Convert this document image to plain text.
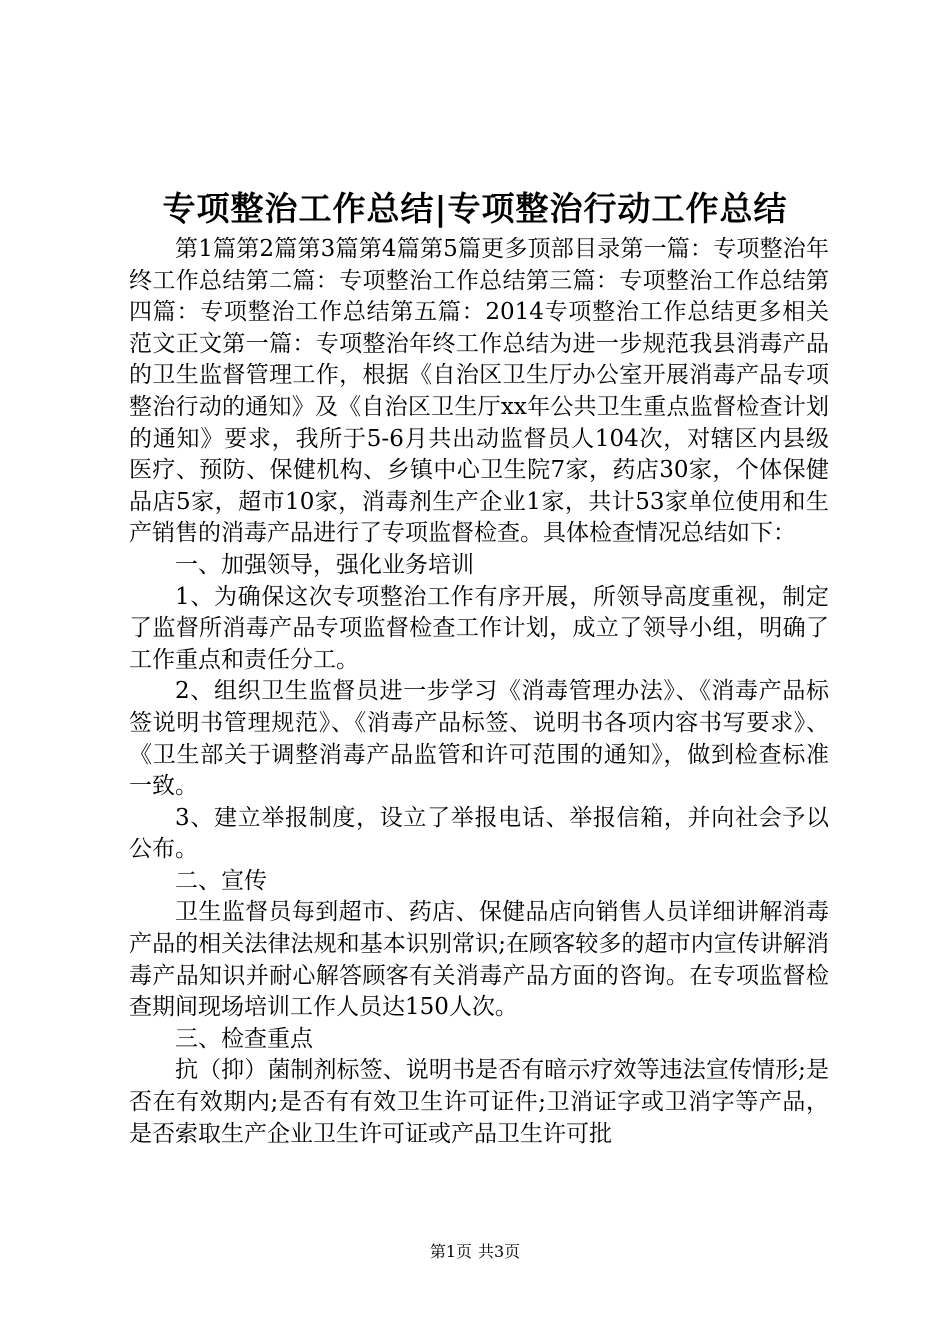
专项整治工作总结|专项整治行动工作总结

第1篇第2篇第3篇第4篇第5篇更多顶部目录第一篇：专项整治年终工作总结第二篇：专项整治工作总结第三篇：专项整治工作总结第四篇：专项整治工作总结第五篇：2014专项整治工作总结更多相关范文正文第一篇：专项整治年终工作总结为进一步规范我县消毒产品的卫生监督管理工作，根据《自治区卫生厅办公室开展消毒产品专项整治行动的通知》及《自治区卫生厅xx年公共卫生重点监督检查计划的通知》要求，我所于5-6月共出动监督员人104次，对辖区内县级医疗、预防、保健机构、乡镇中心卫生院7家，药店30家，个体保健品店5家，超市10家，消毒剂生产企业1家，共计53家单位使用和生产销售的消毒产品进行了专项监督检查。具体检查情况总结如下：

一、加强领导，强化业务培训

1、为确保这次专项整治工作有序开展，所领导高度重视，制定了监督所消毒产品专项监督检查工作计划，成立了领导小组，明确了工作重点和责任分工。

2、组织卫生监督员进一步学习《消毒管理办法》、《消毒产品标签说明书管理规范》、《消毒产品标签、说明书各项内容书写要求》、《卫生部关于调整消毒产品监管和许可范围的通知》，做到检查标准一致。

3、建立举报制度，设立了举报电话、举报信箱，并向社会予以公布。

二、宣传

卫生监督员每到超市、药店、保健品店向销售人员详细讲解消毒产品的相关法律法规和基本识别常识;在顾客较多的超市内宣传讲解消毒产品知识并耐心解答顾客有关消毒产品方面的咨询。在专项监督检查期间现场培训工作人员达150人次。

三、检查重点

抗（抑）菌制剂标签、说明书是否有暗示疗效等违法宣传情形;是否在有效期内;是否有有效卫生许可证件;卫消证字或卫消字等产品，是否索取生产企业卫生许可证或产品卫生许可批

第1页 共3页
